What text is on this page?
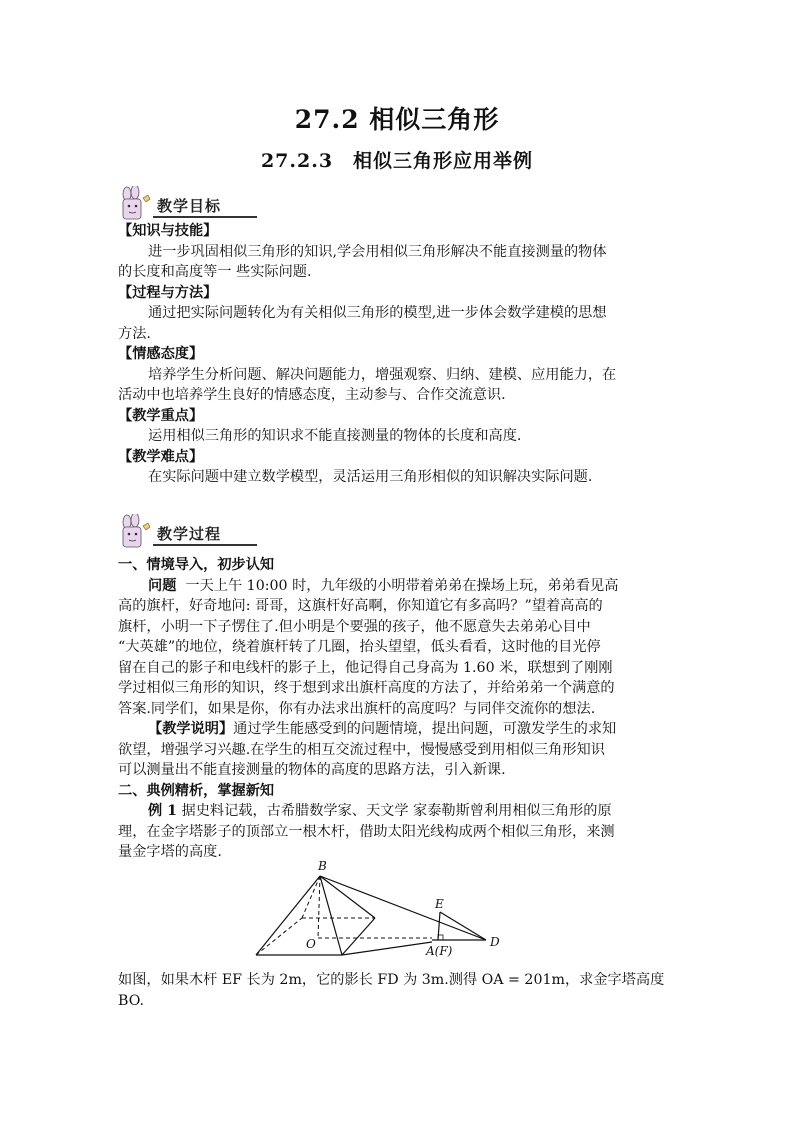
27.2 相似三角形
27.2.3　相似三角形应用举例
教学目标
【知识与技能】
进一步巩固相似三角形的知识,学会用相似三角形解决不能直接测量的物体
的长度和高度等一 些实际问题.
【过程与方法】
通过把实际问题转化为有关相似三角形的模型,进一步体会数学建模的思想
方法.
【情感态度】
培养学生分析问题、解决问题能力，增强观察、归纳、建模、应用能力，在
活动中也培养学生良好的情感态度，主动参与、合作交流意识.
【教学重点】
运用相似三角形的知识求不能直接测量的物体的长度和高度.
【教学难点】
在实际问题中建立数学模型，灵活运用三角形相似的知识解决实际问题.
教学过程
一、情境导入，初步认知
问题 一天上午 10:00 时，九年级的小明带着弟弟在操场上玩，弟弟看见高
高的旗杆，好奇地问: 哥哥，这旗杆好高啊，你知道它有多高吗？”望着高高的
旗杆，小明一下子愣住了.但小明是个要强的孩子，他不愿意失去弟弟心目中
“大英雄”的地位，绕着旗杆转了几圈，抬头望望，低头看看，这时他的目光停
留在自己的影子和电线杆的影子上，他记得自己身高为 1.60 米，联想到了刚刚
学过相似三角形的知识，终于想到求出旗杆高度的方法了，并给弟弟一个满意的
答案.同学们，如果是你，你有办法求出旗杆的高度吗？与同伴交流你的想法.
【教学说明】通过学生能感受到的问题情境，提出问题，可激发学生的求知
欲望，增强学习兴趣.在学生的相互交流过程中，慢慢感受到用相似三角形知识
可以测量出不能直接测量的物体的高度的思路方法，引入新课.
二、典例精析，掌握新知
例 1 据史料记载，古希腊数学家、天文学 家泰勒斯曾利用相似三角形的原
理，在金字塔影子的顶部立一根木杆，借助太阳光线构成两个相似三角形，来测
量金字塔的高度.
B
E
O	A(F)
D
如图，如果木杆 EF 长为 2m，它的影长 FD 为 3m.测得 OA = 201m，求金字塔高度
BO.
